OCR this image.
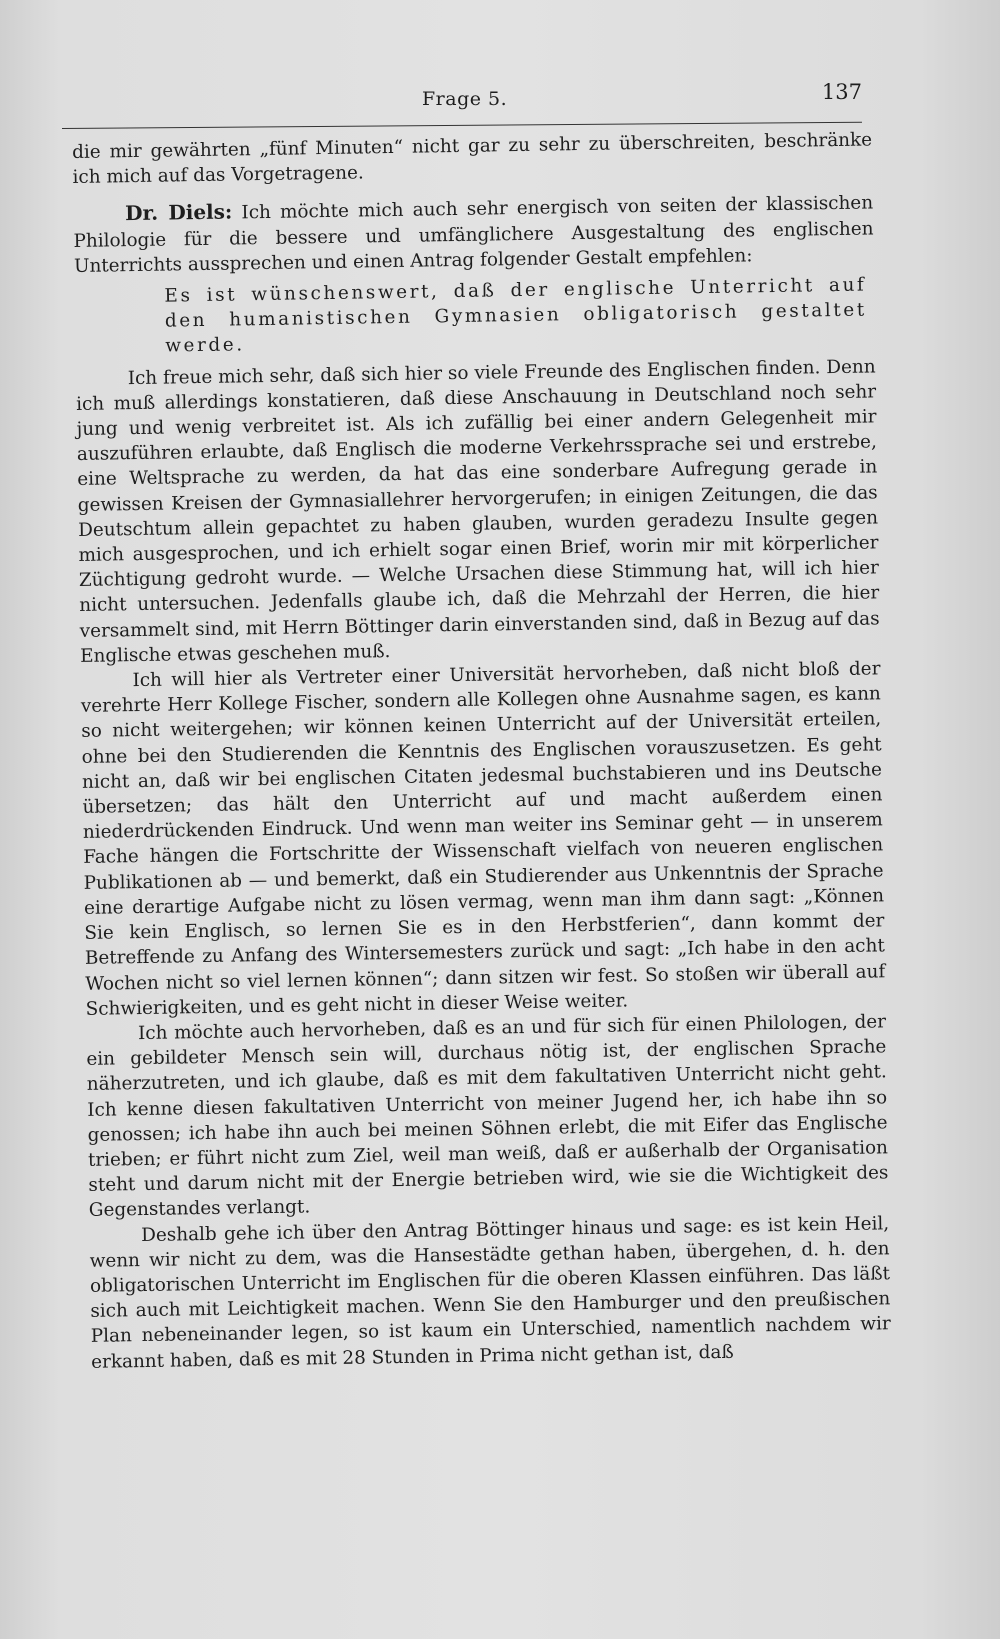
Frage 5.	137

die mir gewährten „fünf Minuten“ nicht gar zu sehr zu überschreiten, beschränke ich mich auf das Vorgetragene.

Dr. Diels: Ich möchte mich auch sehr energisch von seiten der klassischen Philologie für die bessere und umfänglichere Ausgestaltung des englischen Unterrichts aussprechen und einen Antrag folgender Gestalt empfehlen:

Es ist wünschenswert, daß der englische Unterricht auf den humanistischen Gymnasien obligatorisch gestaltet werde.

Ich freue mich sehr, daß sich hier so viele Freunde des Englischen finden. Denn ich muß allerdings konstatieren, daß diese Anschauung in Deutschland noch sehr jung und wenig verbreitet ist. Als ich zufällig bei einer andern Gelegenheit mir auszuführen erlaubte, daß Englisch die moderne Verkehrssprache sei und erstrebe, eine Weltsprache zu werden, da hat das eine sonderbare Aufregung gerade in gewissen Kreisen der Gymnasiallehrer hervorgerufen; in einigen Zeitungen, die das Deutschtum allein gepachtet zu haben glauben, wurden geradezu Insulte gegen mich ausgesprochen, und ich erhielt sogar einen Brief, worin mir mit körperlicher Züchtigung gedroht wurde. — Welche Ursachen diese Stimmung hat, will ich hier nicht untersuchen. Jedenfalls glaube ich, daß die Mehrzahl der Herren, die hier versammelt sind, mit Herrn Böttinger darin einverstanden sind, daß in Bezug auf das Englische etwas geschehen muß.

Ich will hier als Vertreter einer Universität hervorheben, daß nicht bloß der verehrte Herr Kollege Fischer, sondern alle Kollegen ohne Ausnahme sagen, es kann so nicht weitergehen; wir können keinen Unterricht auf der Universität erteilen, ohne bei den Studierenden die Kenntnis des Englischen vorauszusetzen. Es geht nicht an, daß wir bei englischen Citaten jedesmal buchstabieren und ins Deutsche übersetzen; das hält den Unterricht auf und macht außerdem einen niederdrückenden Eindruck. Und wenn man weiter ins Seminar geht — in unserem Fache hängen die Fortschritte der Wissenschaft vielfach von neueren englischen Publikationen ab — und bemerkt, daß ein Studierender aus Unkenntnis der Sprache eine derartige Aufgabe nicht zu lösen vermag, wenn man ihm dann sagt: „Können Sie kein Englisch, so lernen Sie es in den Herbstferien“, dann kommt der Betreffende zu Anfang des Wintersemesters zurück und sagt: „Ich habe in den acht Wochen nicht so viel lernen können“; dann sitzen wir fest. So stoßen wir überall auf Schwierigkeiten, und es geht nicht in dieser Weise weiter.

Ich möchte auch hervorheben, daß es an und für sich für einen Philologen, der ein gebildeter Mensch sein will, durchaus nötig ist, der englischen Sprache näherzutreten, und ich glaube, daß es mit dem fakultativen Unterricht nicht geht. Ich kenne diesen fakultativen Unterricht von meiner Jugend her, ich habe ihn so genossen; ich habe ihn auch bei meinen Söhnen erlebt, die mit Eifer das Englische trieben; er führt nicht zum Ziel, weil man weiß, daß er außerhalb der Organisation steht und darum nicht mit der Energie betrieben wird, wie sie die Wichtigkeit des Gegenstandes verlangt.

Deshalb gehe ich über den Antrag Böttinger hinaus und sage: es ist kein Heil, wenn wir nicht zu dem, was die Hansestädte gethan haben, übergehen, d. h. den obligatorischen Unterricht im Englischen für die oberen Klassen einführen. Das läßt sich auch mit Leichtigkeit machen. Wenn Sie den Hamburger und den preußischen Plan nebeneinander legen, so ist kaum ein Unterschied, namentlich nachdem wir erkannt haben, daß es mit 28 Stunden in Prima nicht gethan ist, daß
